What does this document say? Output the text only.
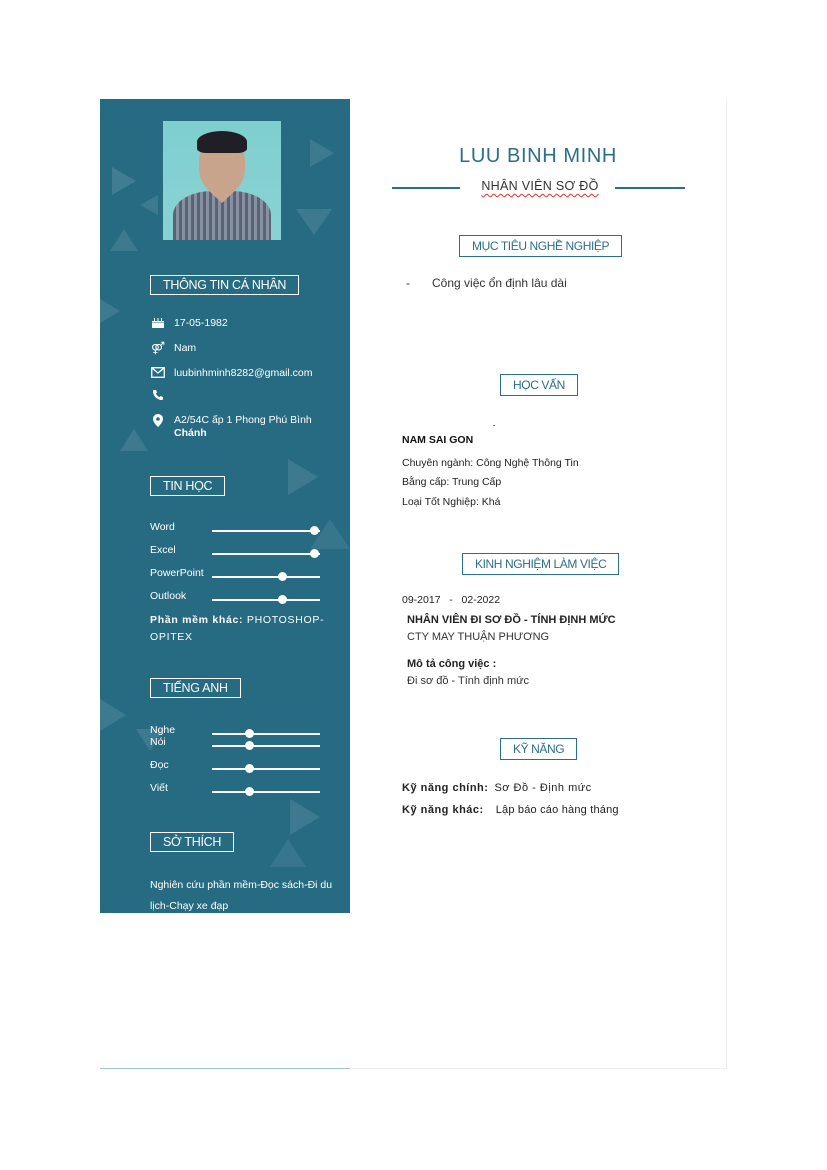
THÔNG TIN CÁ NHÂN
17-05-1982
⚤ Nam
luubinhminh8282@gmail.com
A2/54C ấp 1 Phong Phú Bình
Chánh
TIN HỌC
Word
Excel
PowerPoint
Outlook
Phần mềm khác: PHOTOSHOP-OPITEX
TIẾNG ANH
Nghe
Nói
Đọc
Viết
SỞ THÍCH
Nghiên cứu phần mềm-Đọc sách-Đi du lịch-Chạy xe đạp
LUU BINH MINH
NHÂN VIÊN SƠ ĐỒ
MỤC TIÊU NGHỀ NGHIỆP
- Công việc ổn định lâu dài
HỌC VẤN
NAM SAI GON
Chuyên ngành: Công Nghệ Thông Tin
Bằng cấp: Trung Cấp
Loại Tốt Nghiệp: Khá
KINH NGHIỆM LÀM VIỆC
09-2017   -   02-2022
NHÂN VIÊN ĐI SƠ ĐỒ - TÍNH ĐỊNH MỨC
CTY MAY THUẬN PHƯƠNG
Mô tả công việc :
Đi sơ đồ - Tính định mức
KỸ NĂNG
Kỹ năng chính: Sơ Đồ - Định mức
Kỹ năng khác: Lập báo cáo hàng tháng
